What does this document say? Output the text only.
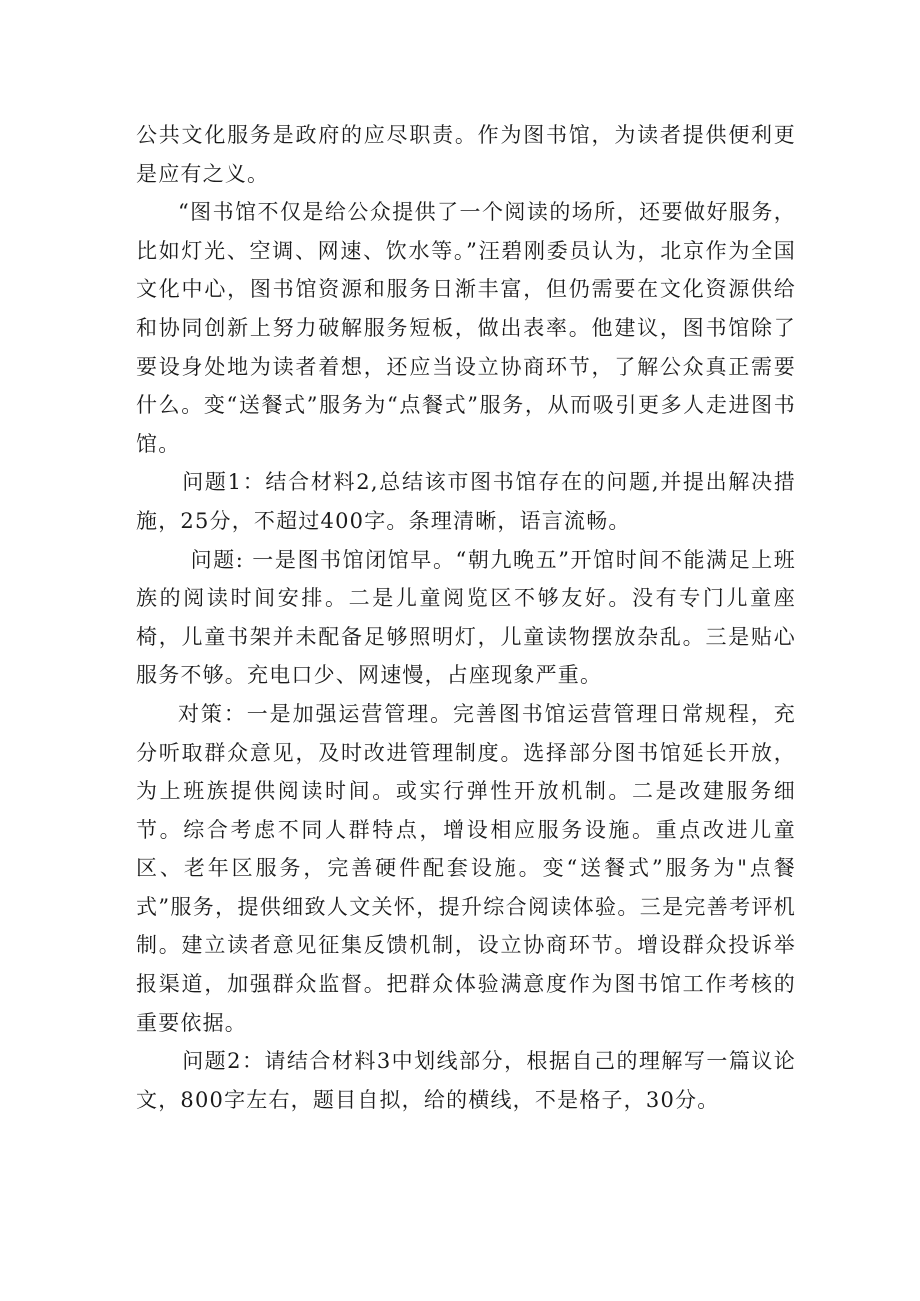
公共文化服务是政府的应尽职责。作为图书馆，为读者提供便利更是应有之义。

“图书馆不仅是给公众提供了一个阅读的场所，还要做好服务，比如灯光、空调、网速、饮水等。”汪碧刚委员认为，北京作为全国文化中心，图书馆资源和服务日渐丰富，但仍需要在文化资源供给和协同创新上努力破解服务短板，做出表率。他建议，图书馆除了要设身处地为读者着想，还应当设立协商环节，了解公众真正需要什么。变“送餐式”服务为“点餐式”服务，从而吸引更多人走进图书馆。

问题1：结合材料2,总结该市图书馆存在的问题,并提出解决措施，25分，不超过400字。条理清晰，语言流畅。

问题: 一是图书馆闭馆早。“朝九晚五”开馆时间不能满足上班族的阅读时间安排。二是儿童阅览区不够友好。没有专门儿童座椅，儿童书架并未配备足够照明灯，儿童读物摆放杂乱。三是贴心服务不够。充电口少、网速慢，占座现象严重。

对策：一是加强运营管理。完善图书馆运营管理日常规程，充分听取群众意见，及时改进管理制度。选择部分图书馆延长开放，为上班族提供阅读时间。或实行弹性开放机制。二是改建服务细节。综合考虑不同人群特点，增设相应服务设施。重点改进儿童区、老年区服务，完善硬件配套设施。变“送餐式”服务为"点餐式”服务，提供细致人文关怀，提升综合阅读体验。三是完善考评机制。建立读者意见征集反馈机制，设立协商环节。增设群众投诉举报渠道，加强群众监督。把群众体验满意度作为图书馆工作考核的重要依据。

问题2：请结合材料3中划线部分，根据自己的理解写一篇议论文，800字左右，题目自拟，给的横线，不是格子，30分。
